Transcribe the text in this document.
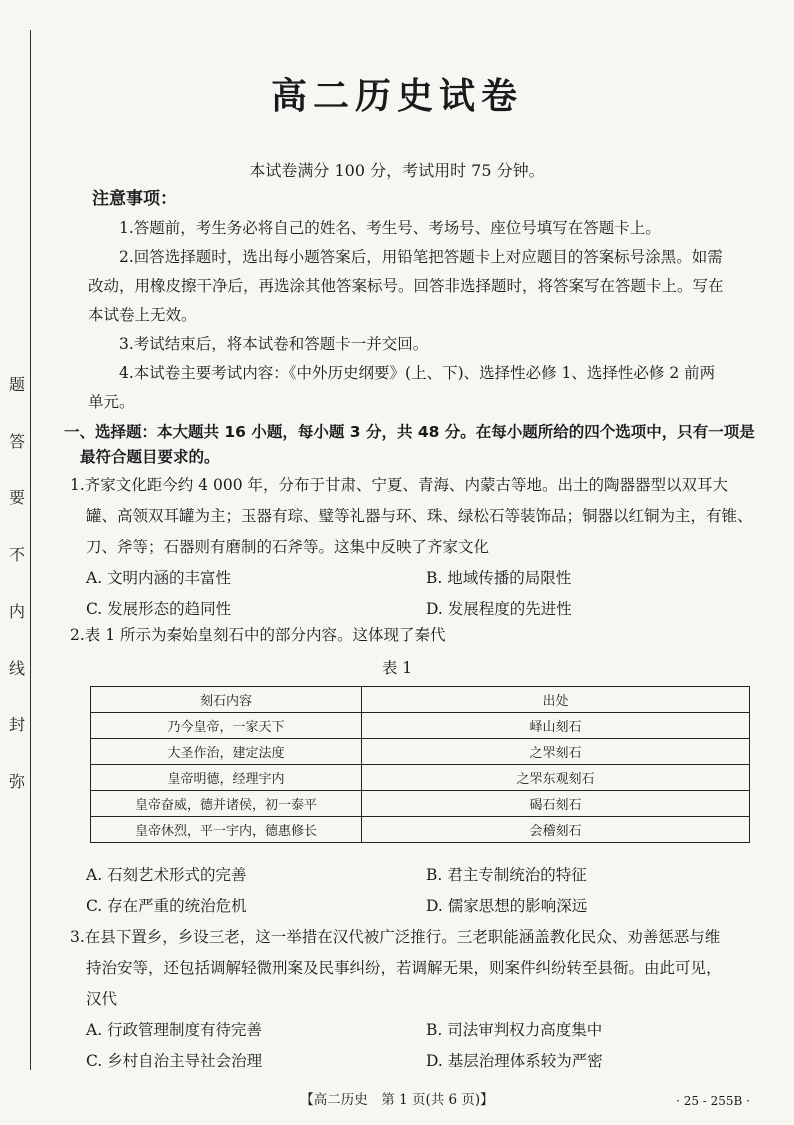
题
答
要
不
内
线
封
弥
高二历史试卷
本试卷满分 100 分，考试用时 75 分钟。
注意事项：

1.答题前，考生务必将自己的姓名、考生号、考场号、座位号填写在答题卡上。

2.回答选择题时，选出每小题答案后，用铅笔把答题卡上对应题目的答案标号涂黑。如需改动，用橡皮擦干净后，再选涂其他答案标号。回答非选择题时，将答案写在答题卡上。写在本试卷上无效。

3.考试结束后，将本试卷和答题卡一并交回。

4.本试卷主要考试内容：《中外历史纲要》(上、下)、选择性必修 1、选择性必修 2 前两单元。

一、选择题：本大题共 16 小题，每小题 3 分，共 48 分。在每小题所给的四个选项中，只有一项是
最符合题目要求的。

1.齐家文化距今约 4 000 年，分布于甘肃、宁夏、青海、内蒙古等地。出土的陶器器型以双耳大

罐、高领双耳罐为主；玉器有琮、璧等礼器与环、珠、绿松石等装饰品；铜器以红铜为主，有锥、

刀、斧等；石器则有磨制的石斧等。这集中反映了齐家文化

A. 文明内涵的丰富性	B. 地域传播的局限性
C. 发展形态的趋同性	D. 发展程度的先进性

2.表 1 所示为秦始皇刻石中的部分内容。这体现了秦代

表 1
刻石内容	出处
乃今皇帝，一家天下	峄山刻石
大圣作治，建定法度	之罘刻石
皇帝明德，经理宇内	之罘东观刻石
皇帝奋威，德并诸侯，初一泰平	碣石刻石
皇帝休烈，平一宇内，德惠修长	会稽刻石
A. 石刻艺术形式的完善	B. 君主专制统治的特征
C. 存在严重的统治危机	D. 儒家思想的影响深远

3.在县下置乡，乡设三老，这一举措在汉代被广泛推行。三老职能涵盖教化民众、劝善惩恶与维

持治安等，还包括调解轻微刑案及民事纠纷，若调解无果，则案件纠纷转至县衙。由此可见，

汉代

A. 行政管理制度有待完善	B. 司法审判权力高度集中
C. 乡村自治主导社会治理	D. 基层治理体系较为严密
【高二历史　第 1 页(共 6 页)】	· 25 - 255B ·
